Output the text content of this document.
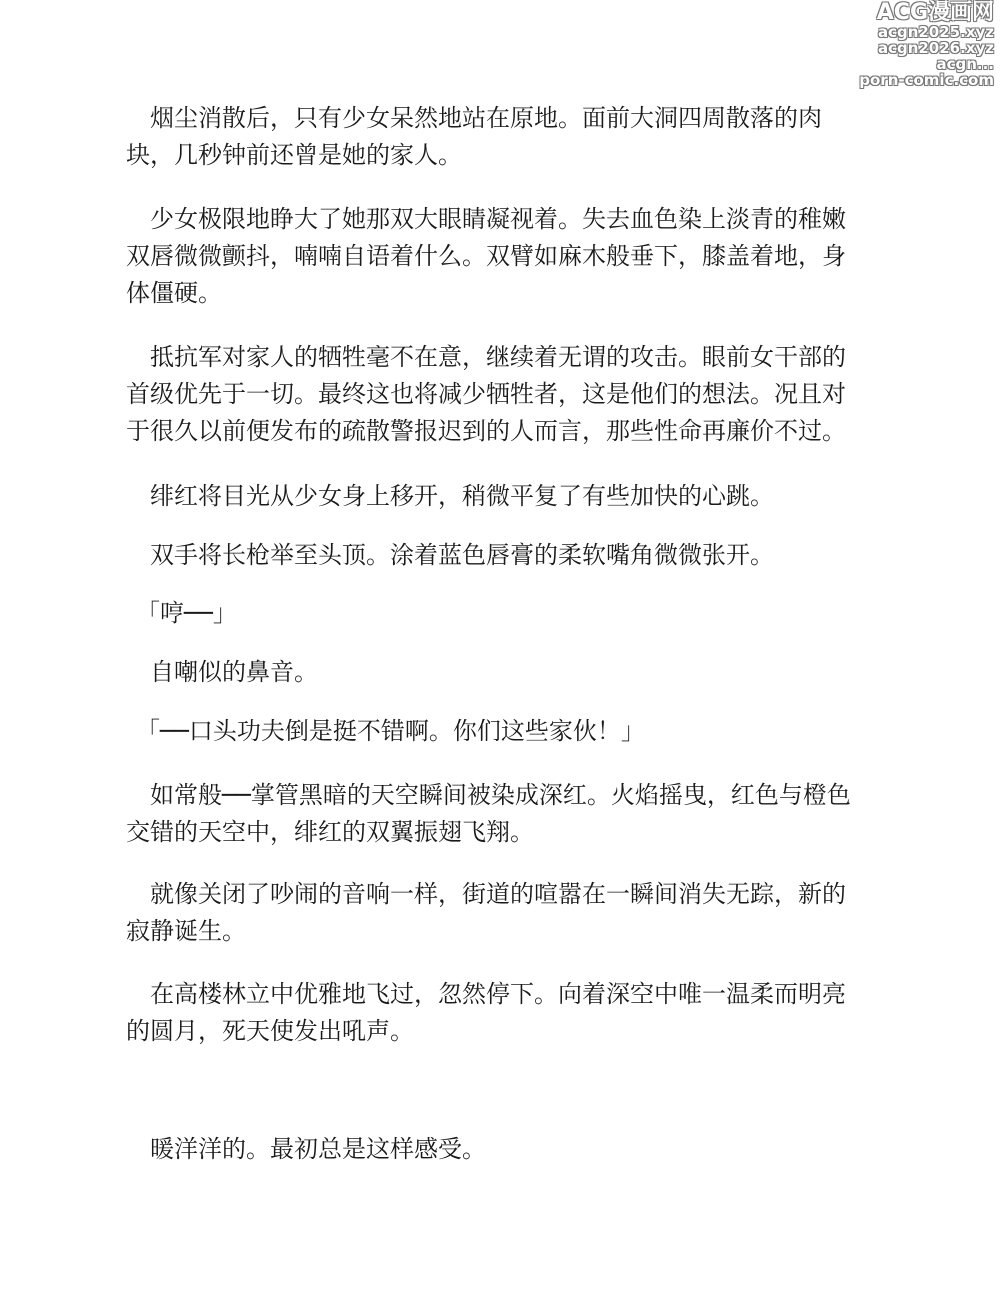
ACG漫画网
acgn2025.xyz
acgn2026.xyz
acgn...
porn-comic.com

烟尘消散后，只有少女呆然地站在原地。面前大洞四周散落的肉块，几秒钟前还曾是她的家人。

少女极限地睁大了她那双大眼睛凝视着。失去血色染上淡青的稚嫩双唇微微颤抖，喃喃自语着什么。双臂如麻木般垂下，膝盖着地，身体僵硬。

抵抗军对家人的牺牲毫不在意，继续着无谓的攻击。眼前女干部的首级优先于一切。最终这也将减少牺牲者，这是他们的想法。况且对于很久以前便发布的疏散警报迟到的人而言，那些性命再廉价不过。

绯红将目光从少女身上移开，稍微平复了有些加快的心跳。

双手将长枪举至头顶。涂着蓝色唇膏的柔软嘴角微微张开。

「哼──」

自嘲似的鼻音。

「──口头功夫倒是挺不错啊。你们这些家伙！」

如常般──掌管黑暗的天空瞬间被染成深红。火焰摇曳，红色与橙色交错的天空中，绯红的双翼振翅飞翔。

就像关闭了吵闹的音响一样，街道的喧嚣在一瞬间消失无踪，新的寂静诞生。

在高楼林立中优雅地飞过，忽然停下。向着深空中唯一温柔而明亮的圆月，死天使发出吼声。

暖洋洋的。最初总是这样感受。
